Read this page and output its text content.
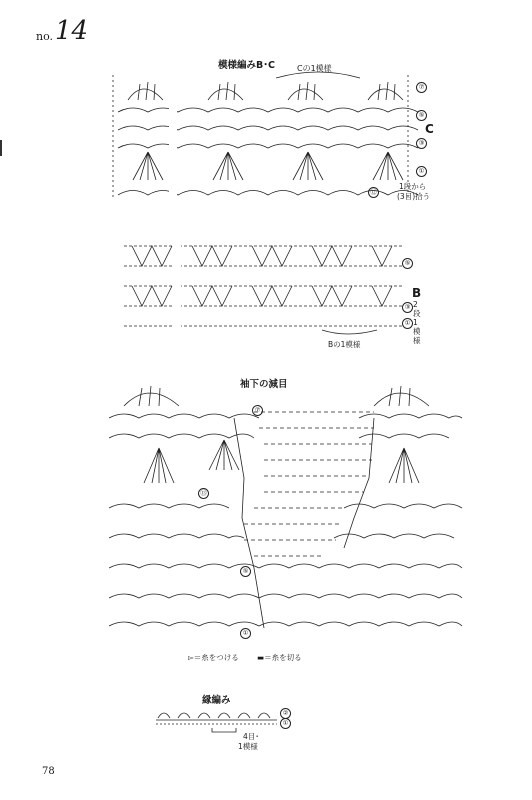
no. 14
模様編みB･C	Cの1模様
⑦
⑤
③
①
C
⑫
1段から
(3目)拾う
⑤
③
①
B
2段1模様
Bの1模様
袖下の減目
⑦
⑬
⑤
①
▻＝糸をつける ▬＝糸を切る
縁編み
②
①
4目･
1模様
78
